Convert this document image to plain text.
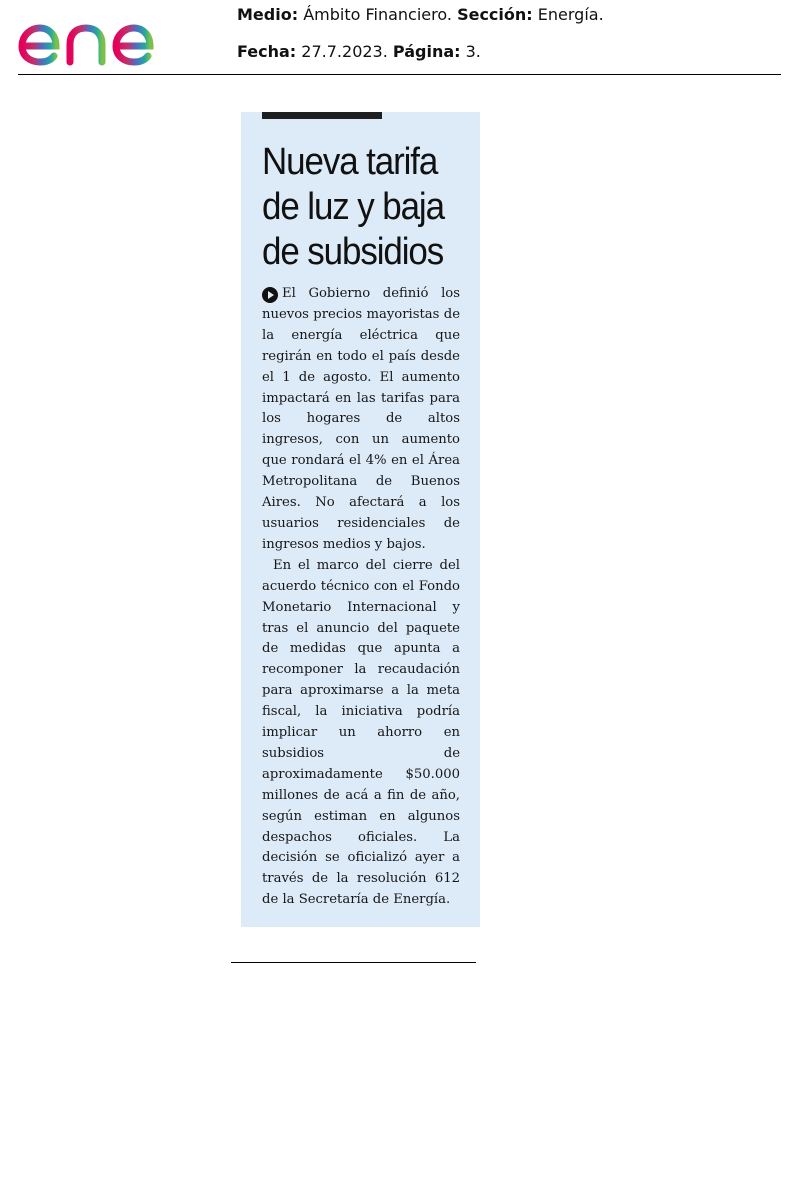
Medio: Ámbito Financiero. Sección: Energía.
Fecha: 27.7.2023. Página: 3.
Nueva tarifa de luz y baja de subsidios

El Gobierno definió los nuevos precios mayoristas de la energía eléctrica que regirán en todo el país desde el 1 de agosto. El aumento impactará en las tarifas para los hogares de altos ingresos, con un aumento que rondará el 4% en el Área Metropolitana de Buenos Aires. No afectará a los usuarios residenciales de ingresos medios y bajos.

En el marco del cierre del acuerdo técnico con el Fondo Monetario Internacional y tras el anuncio del paquete de medidas que apunta a recomponer la recaudación para aproximarse a la meta fiscal, la iniciativa podría implicar un ahorro en subsidios de aproximadamente $50.000 millones de acá a fin de año, según estiman en algunos despachos oficiales. La decisión se oficializó ayer a través de la resolución 612 de la Secretaría de Energía.
